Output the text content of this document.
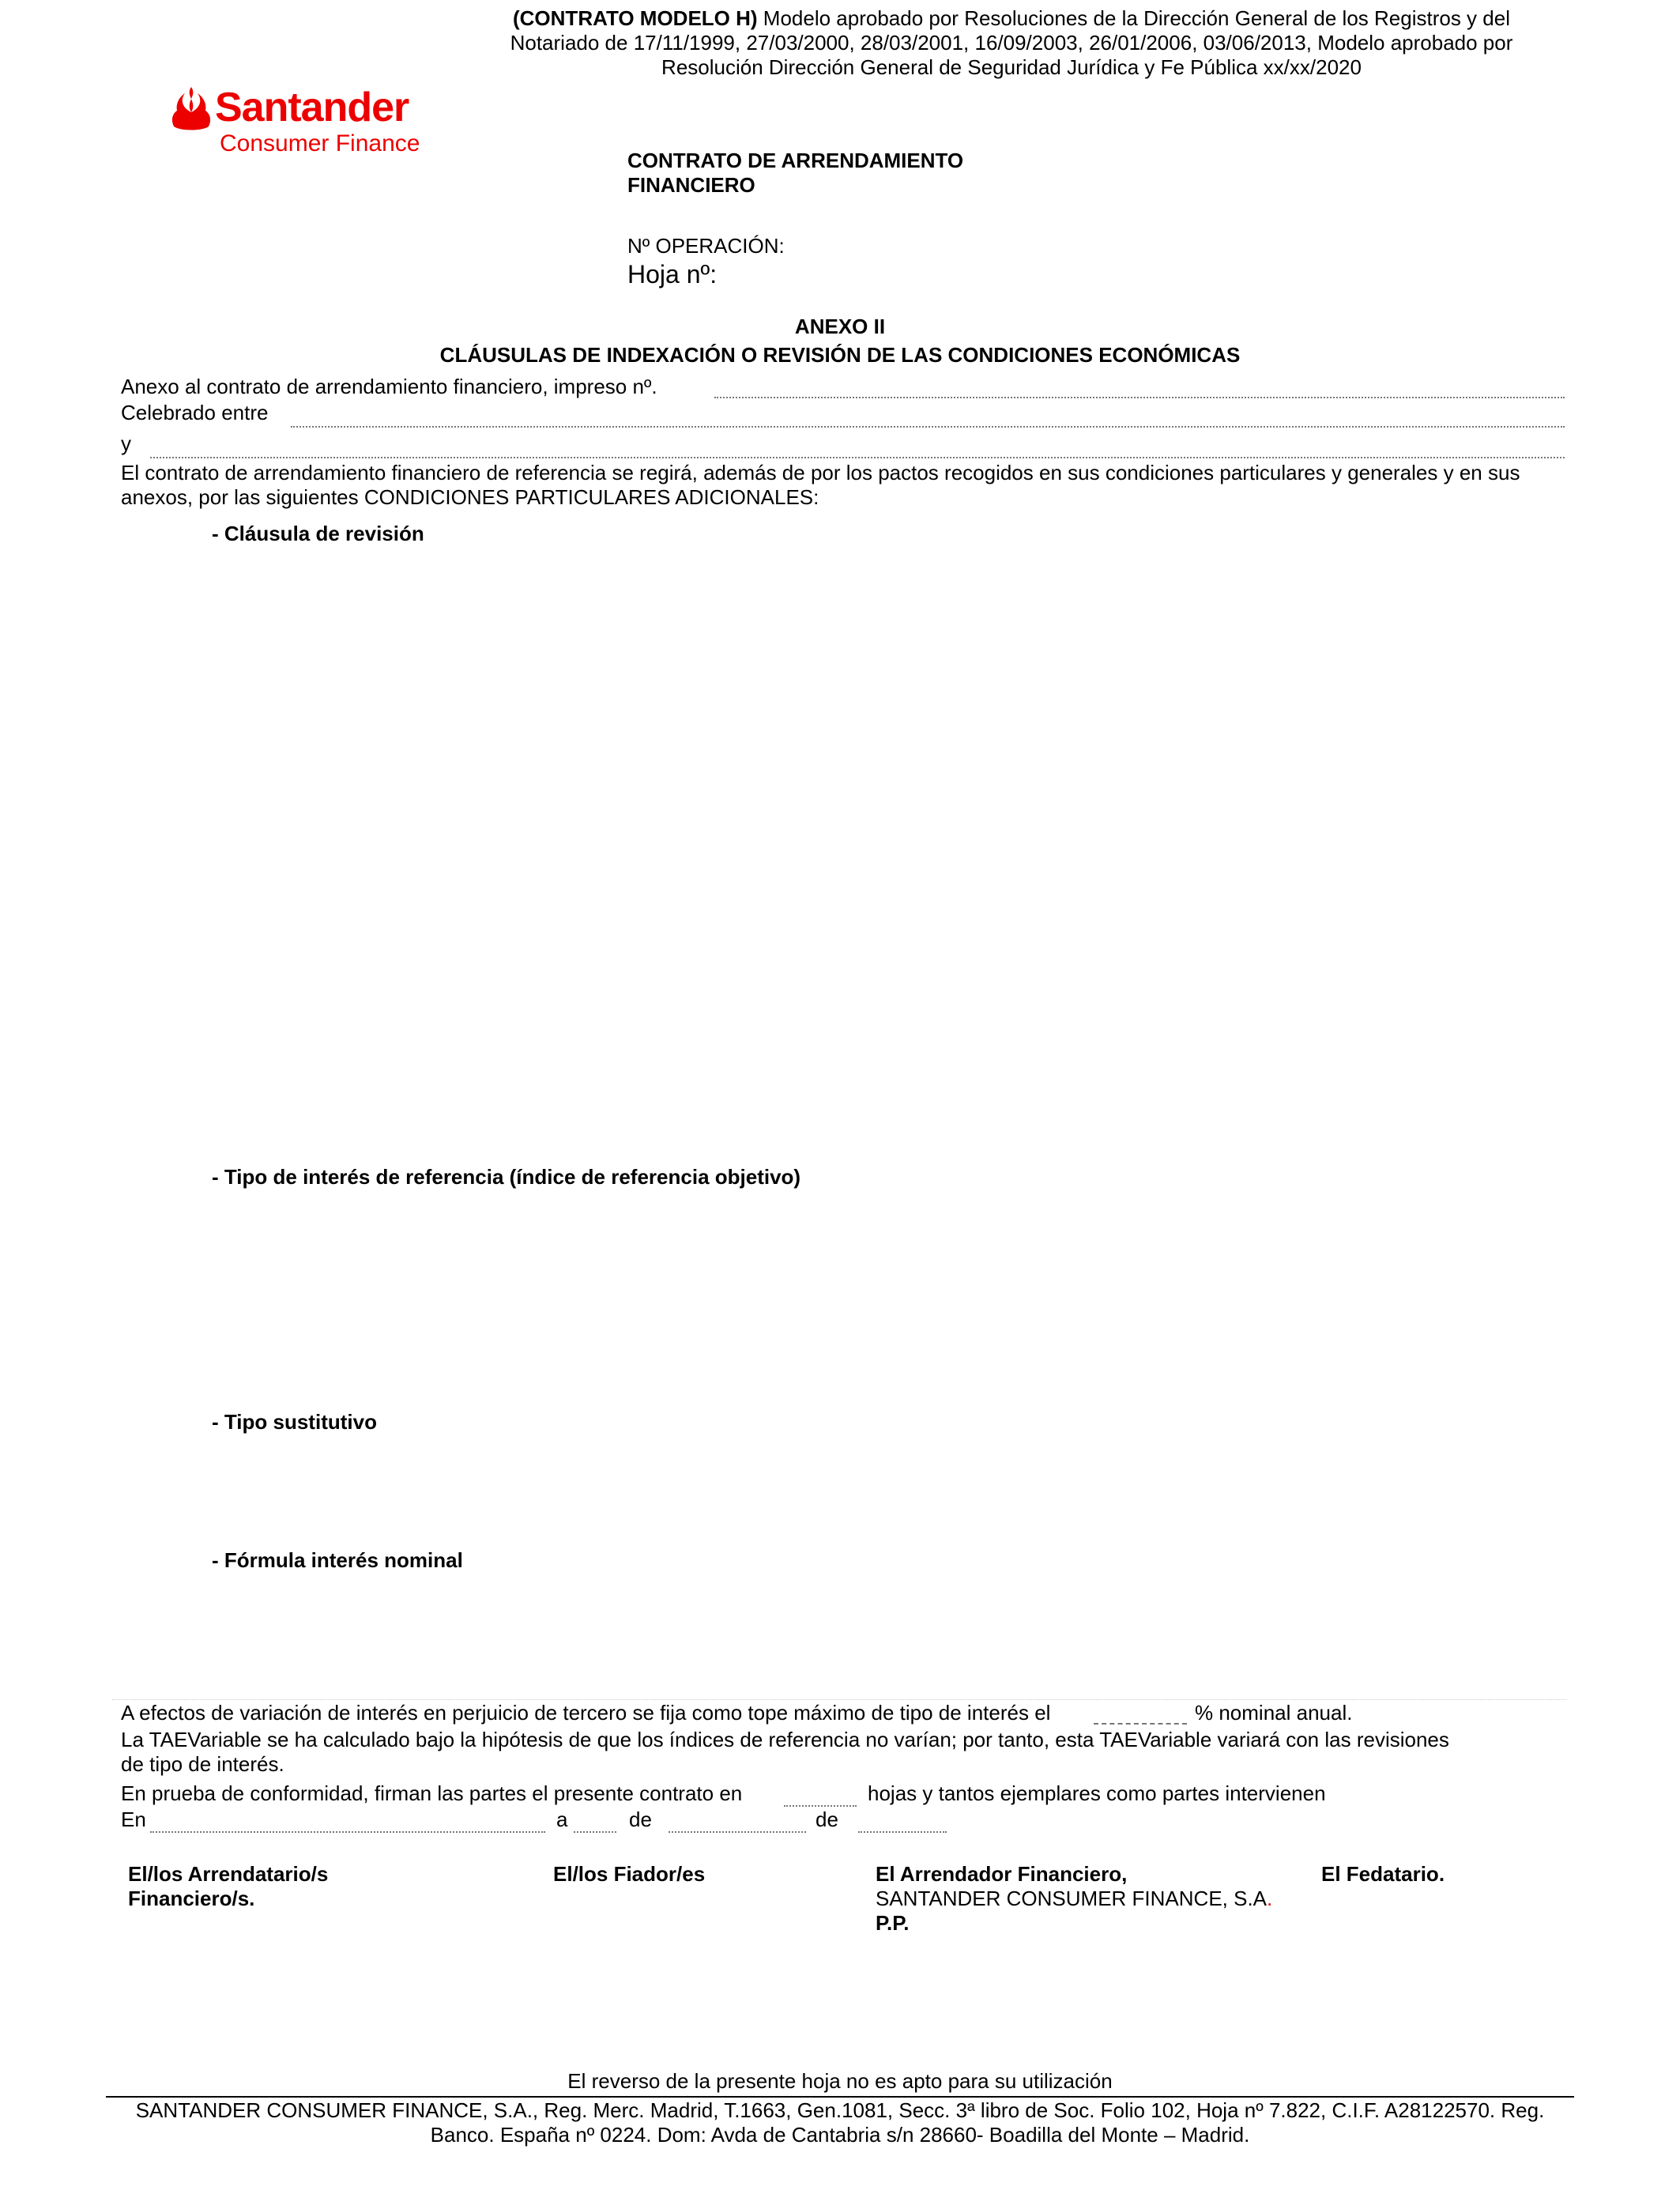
(CONTRATO MODELO H) Modelo aprobado por Resoluciones de la Dirección General de los Registros y del
Notariado de 17/11/1999, 27/03/2000, 28/03/2001, 16/09/2003, 26/01/2006, 03/06/2013, Modelo aprobado por
Resolución Dirección General de Seguridad Jurídica y Fe Pública xx/xx/2020
Santander
Consumer Finance
CONTRATO DE ARRENDAMIENTO
FINANCIERO
Nº OPERACIÓN:
Hoja nº:
ANEXO II
CLÁUSULAS DE INDEXACIÓN O REVISIÓN DE LAS CONDICIONES ECONÓMICAS
Anexo al contrato de arrendamiento financiero, impreso nº.
Celebrado entre
y
El contrato de arrendamiento financiero de referencia se regirá, además de por los pactos recogidos en sus condiciones particulares y generales y en sus
anexos, por las siguientes CONDICIONES PARTICULARES ADICIONALES:
- Cláusula de revisión
- Tipo de interés de referencia (índice de referencia objetivo)
- Tipo sustitutivo
- Fórmula interés nominal
A efectos de variación de interés en perjuicio de tercero se fija como tope máximo de tipo de interés el	% nominal anual.
La TAEVariable se ha calculado bajo la hipótesis de que los índices de referencia no varían; por tanto, esta TAEVariable variará con las revisiones
de tipo de interés.
En prueba de conformidad, firman las partes el presente contrato en	hojas y tantos ejemplares como partes intervienen
En	a	de	de
El/los Arrendatario/s
Financiero/s.
El/los Fiador/es	El Arrendador Financiero,
SANTANDER CONSUMER FINANCE, S.A.
P.P.
El Fedatario.
El reverso de la presente hoja no es apto para su utilización
SANTANDER CONSUMER FINANCE, S.A., Reg. Merc. Madrid, T.1663, Gen.1081, Secc. 3ª libro de Soc. Folio 102, Hoja nº 7.822, C.I.F. A28122570. Reg.
Banco. España nº 0224. Dom: Avda de Cantabria s/n 28660- Boadilla del Monte – Madrid.
